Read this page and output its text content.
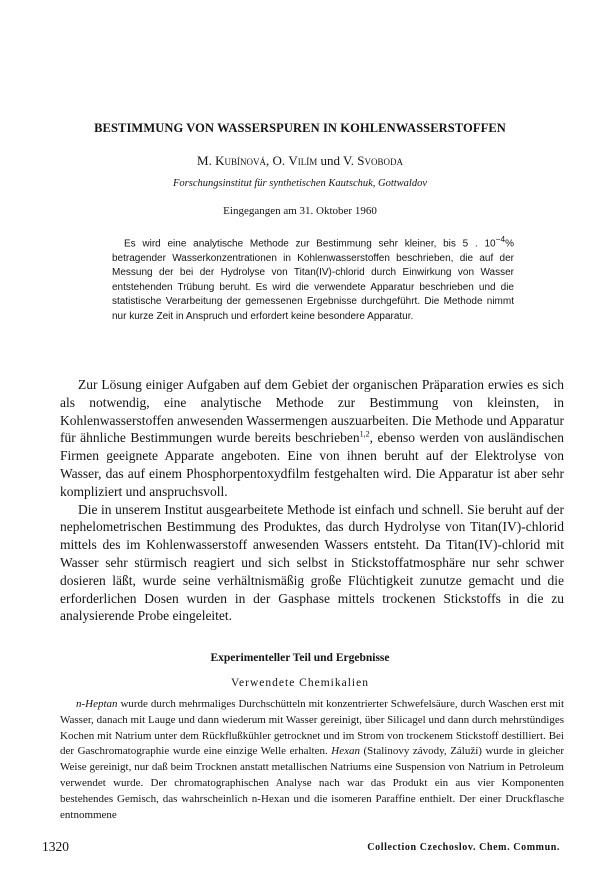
BESTIMMUNG VON WASSERSPUREN IN KOHLENWASSERSTOFFEN
M. Kubínová, O. Vilím und V. Svoboda
Forschungsinstitut für synthetischen Kautschuk, Gottwaldov
Eingegangen am 31. Oktober 1960

Es wird eine analytische Methode zur Bestimmung sehr kleiner, bis 5 . $10^{-4}\%$ betragender Wasserkonzentrationen in Kohlenwasserstoffen beschrieben, die auf der Messung der bei der Hydrolyse von Titan(IV)-chlorid durch Einwirkung von Wasser entstehenden Trübung beruht. Es wird die verwendete Apparatur beschrieben und die statistische Verarbeitung der gemessenen Ergebnisse durchgeführt. Die Methode nimmt nur kurze Zeit in Anspruch und erfordert keine besondere Apparatur.

Zur Lösung einiger Aufgaben auf dem Gebiet der organischen Präparation erwies es sich als notwendig, eine analytische Methode zur Bestimmung von kleinsten, in Kohlenwasserstoffen anwesenden Wassermengen auszuarbeiten. Die Methode und Apparatur für ähnliche Bestimmungen wurde bereits beschrieben$^{1,2}$, ebenso werden von ausländischen Firmen geeignete Apparate angeboten. Eine von ihnen beruht auf der Elektrolyse von Wasser, das auf einem Phosphorpentoxydfilm festgehalten wird. Die Apparatur ist aber sehr kompliziert und anspruchsvoll.

Die in unserem Institut ausgearbeitete Methode ist einfach und schnell. Sie beruht auf der nephelometrischen Bestimmung des Produktes, das durch Hydrolyse von Titan(IV)-chlorid mittels des im Kohlenwasserstoff anwesenden Wassers entsteht. Da Titan(IV)-chlorid mit Wasser sehr stürmisch reagiert und sich selbst in Stickstoffatmosphäre nur sehr schwer dosieren läßt, wurde seine verhältnismäßig große Flüchtigkeit zunutze gemacht und die erforderlichen Dosen wurden in der Gasphase mittels trockenen Stickstoffs in die zu analysierende Probe eingeleitet.

Experimenteller Teil und Ergebnisse
Verwendete Chemikalien

n-Heptan wurde durch mehrmaliges Durchschütteln mit konzentrierter Schwefelsäure, durch Waschen erst mit Wasser, danach mit Lauge und dann wiederum mit Wasser gereinigt, über Silicagel und dann durch mehrstündiges Kochen mit Natrium unter dem Rückflußkühler getrocknet und im Strom von trockenem Stickstoff destilliert. Bei der Gaschromatographie wurde eine einzige Welle erhalten. Hexan (Stalinovy závody, Záluží) wurde in gleicher Weise gereinigt, nur daß beim Trocknen anstatt metallischen Natriums eine Suspension von Natrium in Petroleum verwendet wurde. Der chromatographischen Analyse nach war das Produkt ein aus vier Komponenten bestehendes Gemisch, das wahrscheinlich n-Hexan und die isomeren Paraffine enthielt. Der einer Druckflasche entnommene

1320	Collection Czechoslov. Chem. Commun.
